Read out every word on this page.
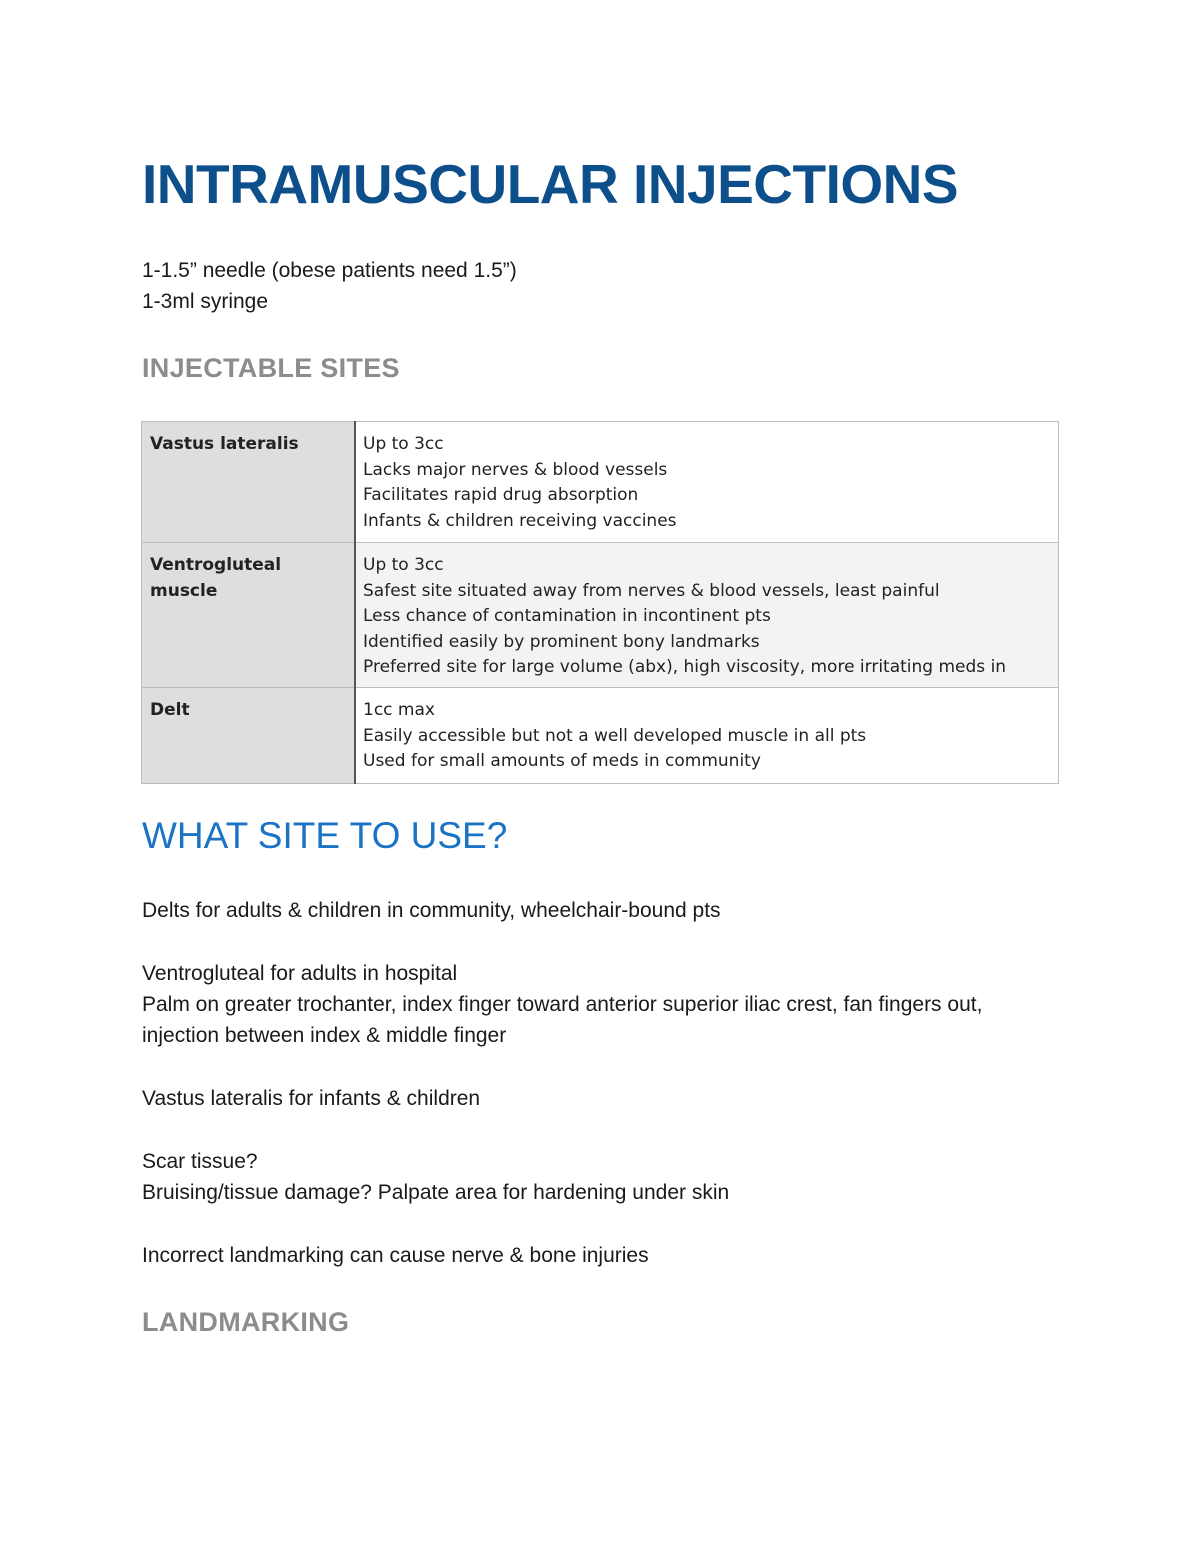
INTRAMUSCULAR INJECTIONS
1-1.5” needle (obese patients need 1.5”)
1-3ml syringe
INJECTABLE SITES
Vastus lateralis	Up to 3cc
Lacks major nerves & blood vessels
Facilitates rapid drug absorption
Infants & children receiving vaccines

Ventrogluteal muscle	Up to 3cc
Safest site situated away from nerves & blood vessels, least painful
Less chance of contamination in incontinent pts
Identified easily by prominent bony landmarks
Preferred site for large volume (abx), high viscosity, more irritating meds in

Delt	1cc max
Easily accessible but not a well developed muscle in all pts
Used for small amounts of meds in community
WHAT SITE TO USE?
Delts for adults & children in community, wheelchair-bound pts
Ventrogluteal for adults in hospital
Palm on greater trochanter, index finger toward anterior superior iliac crest, fan fingers out, injection between index & middle finger
Vastus lateralis for infants & children
Scar tissue?
Bruising/tissue damage? Palpate area for hardening under skin
Incorrect landmarking can cause nerve & bone injuries
LANDMARKING
